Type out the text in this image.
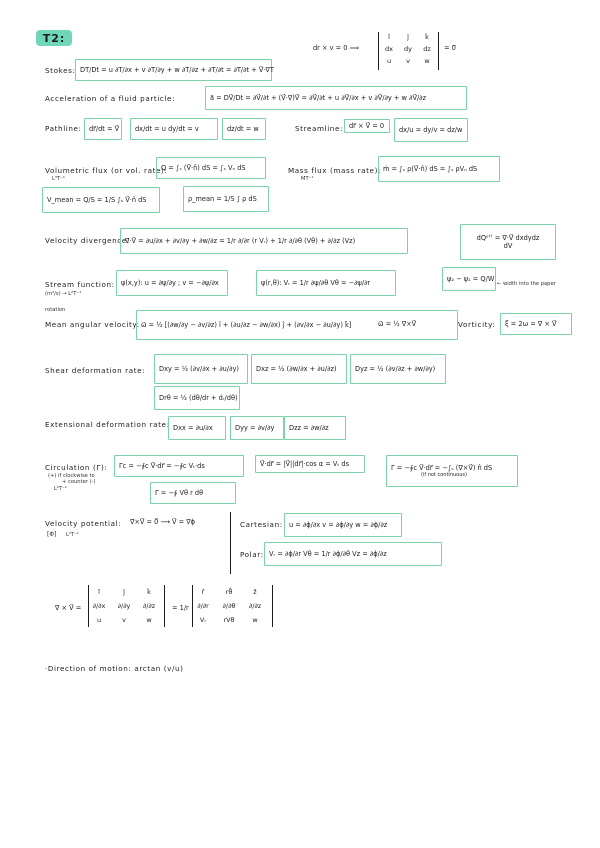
T2:
dr × v = 0 ⟹
î	ĵ	k̂
dx	dy	dz
u	v	w
= 0⃗
Stokes: DT/Dt = u ∂T/∂x + v ∂T/∂y + w ∂T/∂z + ∂T/∂t = ∂T/∂t + V⃗·∇T
Acceleration of a fluid particle:	a⃗ = DV⃗/Dt = ∂V⃗/∂t + (V⃗·∇)V⃗ = ∂V⃗/∂t + u ∂V⃗/∂x + v ∂V⃗/∂y + w ∂V⃗/∂z
Pathline:	dr⃗/dt = V⃗	dx/dt = u dy/dt = v	dz/dt = w	Streamline: dr⃗ × V⃗ = 0	dx/u = dy/v = dz/w
Volumetric flux (or vol. rate):
L³T⁻¹
Q = ∫ₛ (V⃗·n̂) dS = ∫ₛ Vₙ dS	Mass flux (mass rate):
MT⁻¹
ṁ = ∫ₛ ρ(V⃗·n̂) dS = ∫ₛ ρVₙ dS
V_mean = Q/S = 1/S ∫ₛ V⃗·n̂ dS	ρ_mean = 1/S ∫ ρ dS
Velocity divergence:
∇⃗·V⃗ = ∂u/∂x + ∂v/∂y + ∂w/∂z = 1/r ∂/∂r (r Vᵣ) + 1/r ∂/∂θ (Vθ) + ∂/∂z (Vz)	dQᵉᶠᶠ = ∇⃗·V⃗ dxdydz
dV
Stream function:
(m²/s) → L²T⁻¹
ψ(x,y): u = ∂ψ/∂y ; v = −∂ψ/∂x	ψ(r,θ): Vᵣ = 1/r ∂ψ/∂θ Vθ = −∂ψ/∂r	ψ₂ − ψ₁ = Q/W
← width into the paper
rotation
Mean angular velocity: ω⃗ = ½ [(∂w/∂y − ∂v/∂z) î + (∂u/∂z − ∂w/∂x) ĵ + (∂v/∂x − ∂u/∂y) k̂]	ω⃗ = ½ ∇⃗×V⃗	Vorticity:	ξ⃗ = 2ω = ∇⃗ × V⃗
Shear deformation rate:	Dxy = ½ (∂v/∂x + ∂u/∂y)	Dxz = ½ (∂w/∂x + ∂u/∂z)	Dyz = ½ (∂v/∂z + ∂w/∂y)
Drθ = ½ (dθ/dr + dᵣ/dθ)
Extensional deformation rate: Dxx = ∂u/∂x	Dyy = ∂v/∂y	Dzz = ∂w/∂z
Circulation (Γ):
(+) if clockwise to
+ counter (-)
L²T⁻¹
Γc = −∮c V⃗·dr⃗ = −∮c Vₜ·ds	V⃗·dr⃗ = |V⃗||dr⃗|·cos α = Vₜ ds	Γ = −∮c V⃗·dr⃗ = −∫ₛ (∇⃗×V⃗) n̂ dS
(if not continuous)
Γ = −∮ Vθ r dθ
Velocity potential:
[Φ] L²T⁻¹
∇⃗×V⃗ = 0⃗ ⟶ V⃗ = ∇⃗ϕ	Cartesian: u = ∂ϕ/∂x v = ∂ϕ/∂y w = ∂ϕ/∂z
Polar: Vᵣ = ∂ϕ/∂r Vθ = 1/r ∂ϕ/∂θ Vz = ∂ϕ/∂z
∇⃗ × V⃗ =
î	ĵ	k̂
∂/∂x	∂/∂y	∂/∂z
u	v	w
= 1/r
r̂	rθ̂	ẑ
∂/∂r	∂/∂θ	∂/∂z
Vᵣ	rVθ	w
·Direction of motion: arctan (v/u)
